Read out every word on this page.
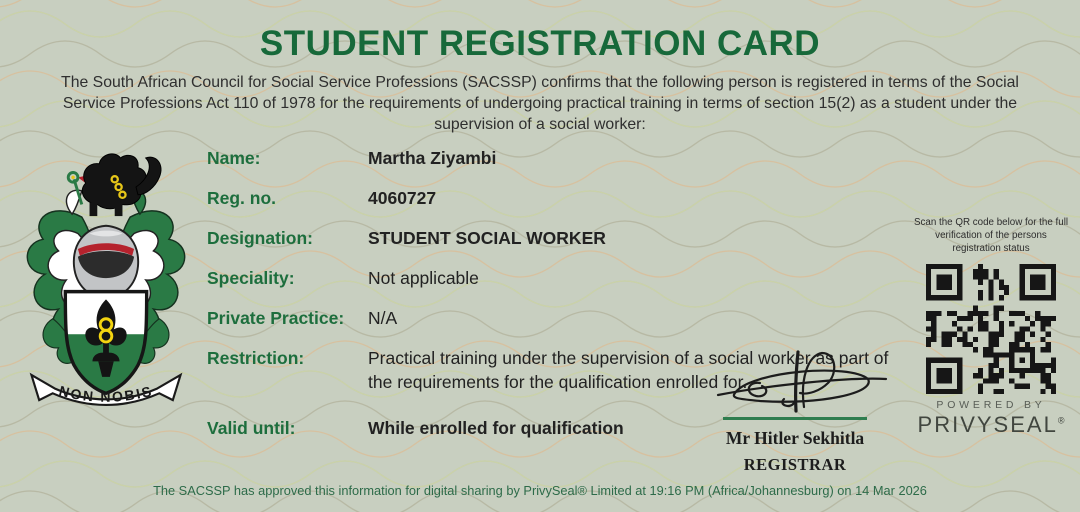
STUDENT REGISTRATION CARD

The South African Council for Social Service Professions (SACSSP) confirms that the following person is registered in terms of the Social Service Professions Act 110 of 1978 for the requirements of undergoing practical training in terms of section 15(2) as a student under the supervision of a social worker:

NON NOBIS
Name:	Martha Ziyambi
Reg. no.	4060727
Designation:	STUDENT SOCIAL WORKER
Speciality:	Not applicable
Private Practice:	N/A
Restriction:	Practical training under the supervision of a social worker as part of the requirements for the qualification enrolled for.
Valid until:	While enrolled for qualification	Mr Hitler Sekhitla
REGISTRAR
Scan the QR code below for the full verification of the persons registration status
POWERED BY
PRIVYSEAL®
The SACSSP has approved this information for digital sharing by PrivySeal® Limited at 19:16 PM (Africa/Johannesburg) on 14 Mar 2026
